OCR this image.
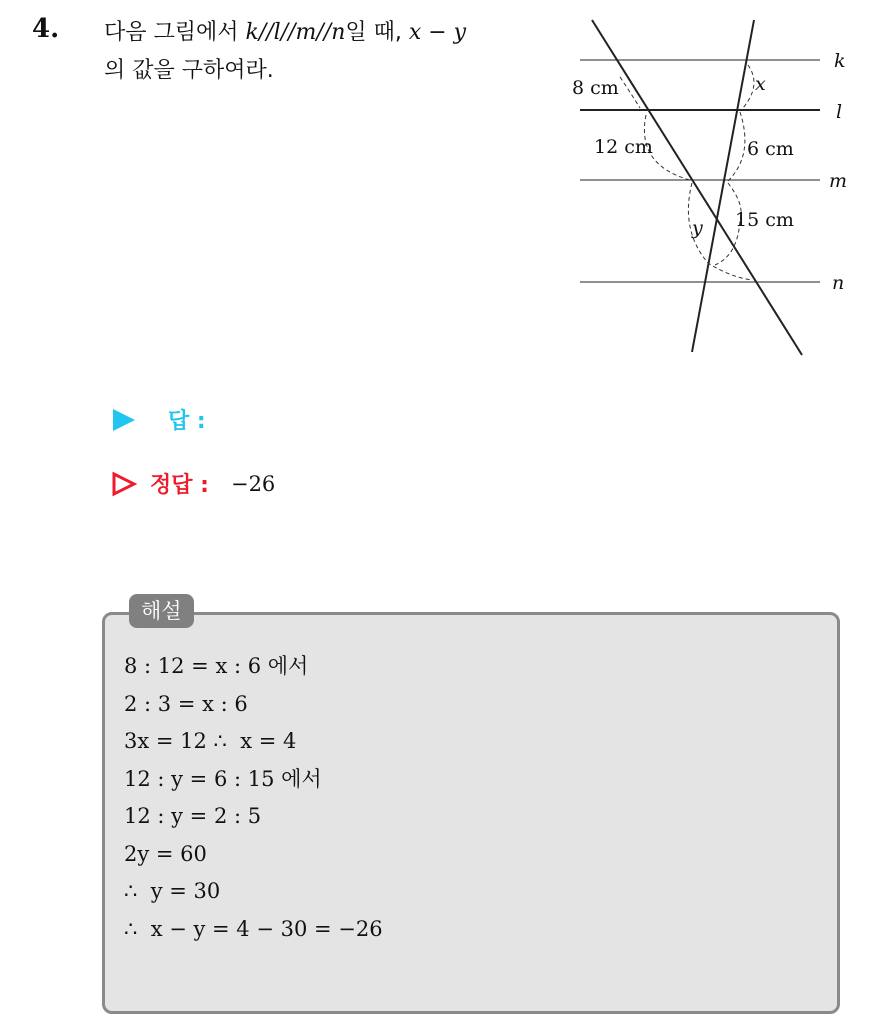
4. 다음 그림에서 k//l//m//n일 때, x − y
의 값을 구하여라.	k
l
m
n
8 cm
12 cm
x
6 cm
15 cm
y
답 :
정답 : −26
해설
8 : 12 = x : 6 에서
2 : 3 = x : 6
3x = 12 ∴  x = 4
12 : y = 6 : 15 에서
12 : y = 2 : 5
2y = 60
∴  y = 30
∴  x − y = 4 − 30 = −26
